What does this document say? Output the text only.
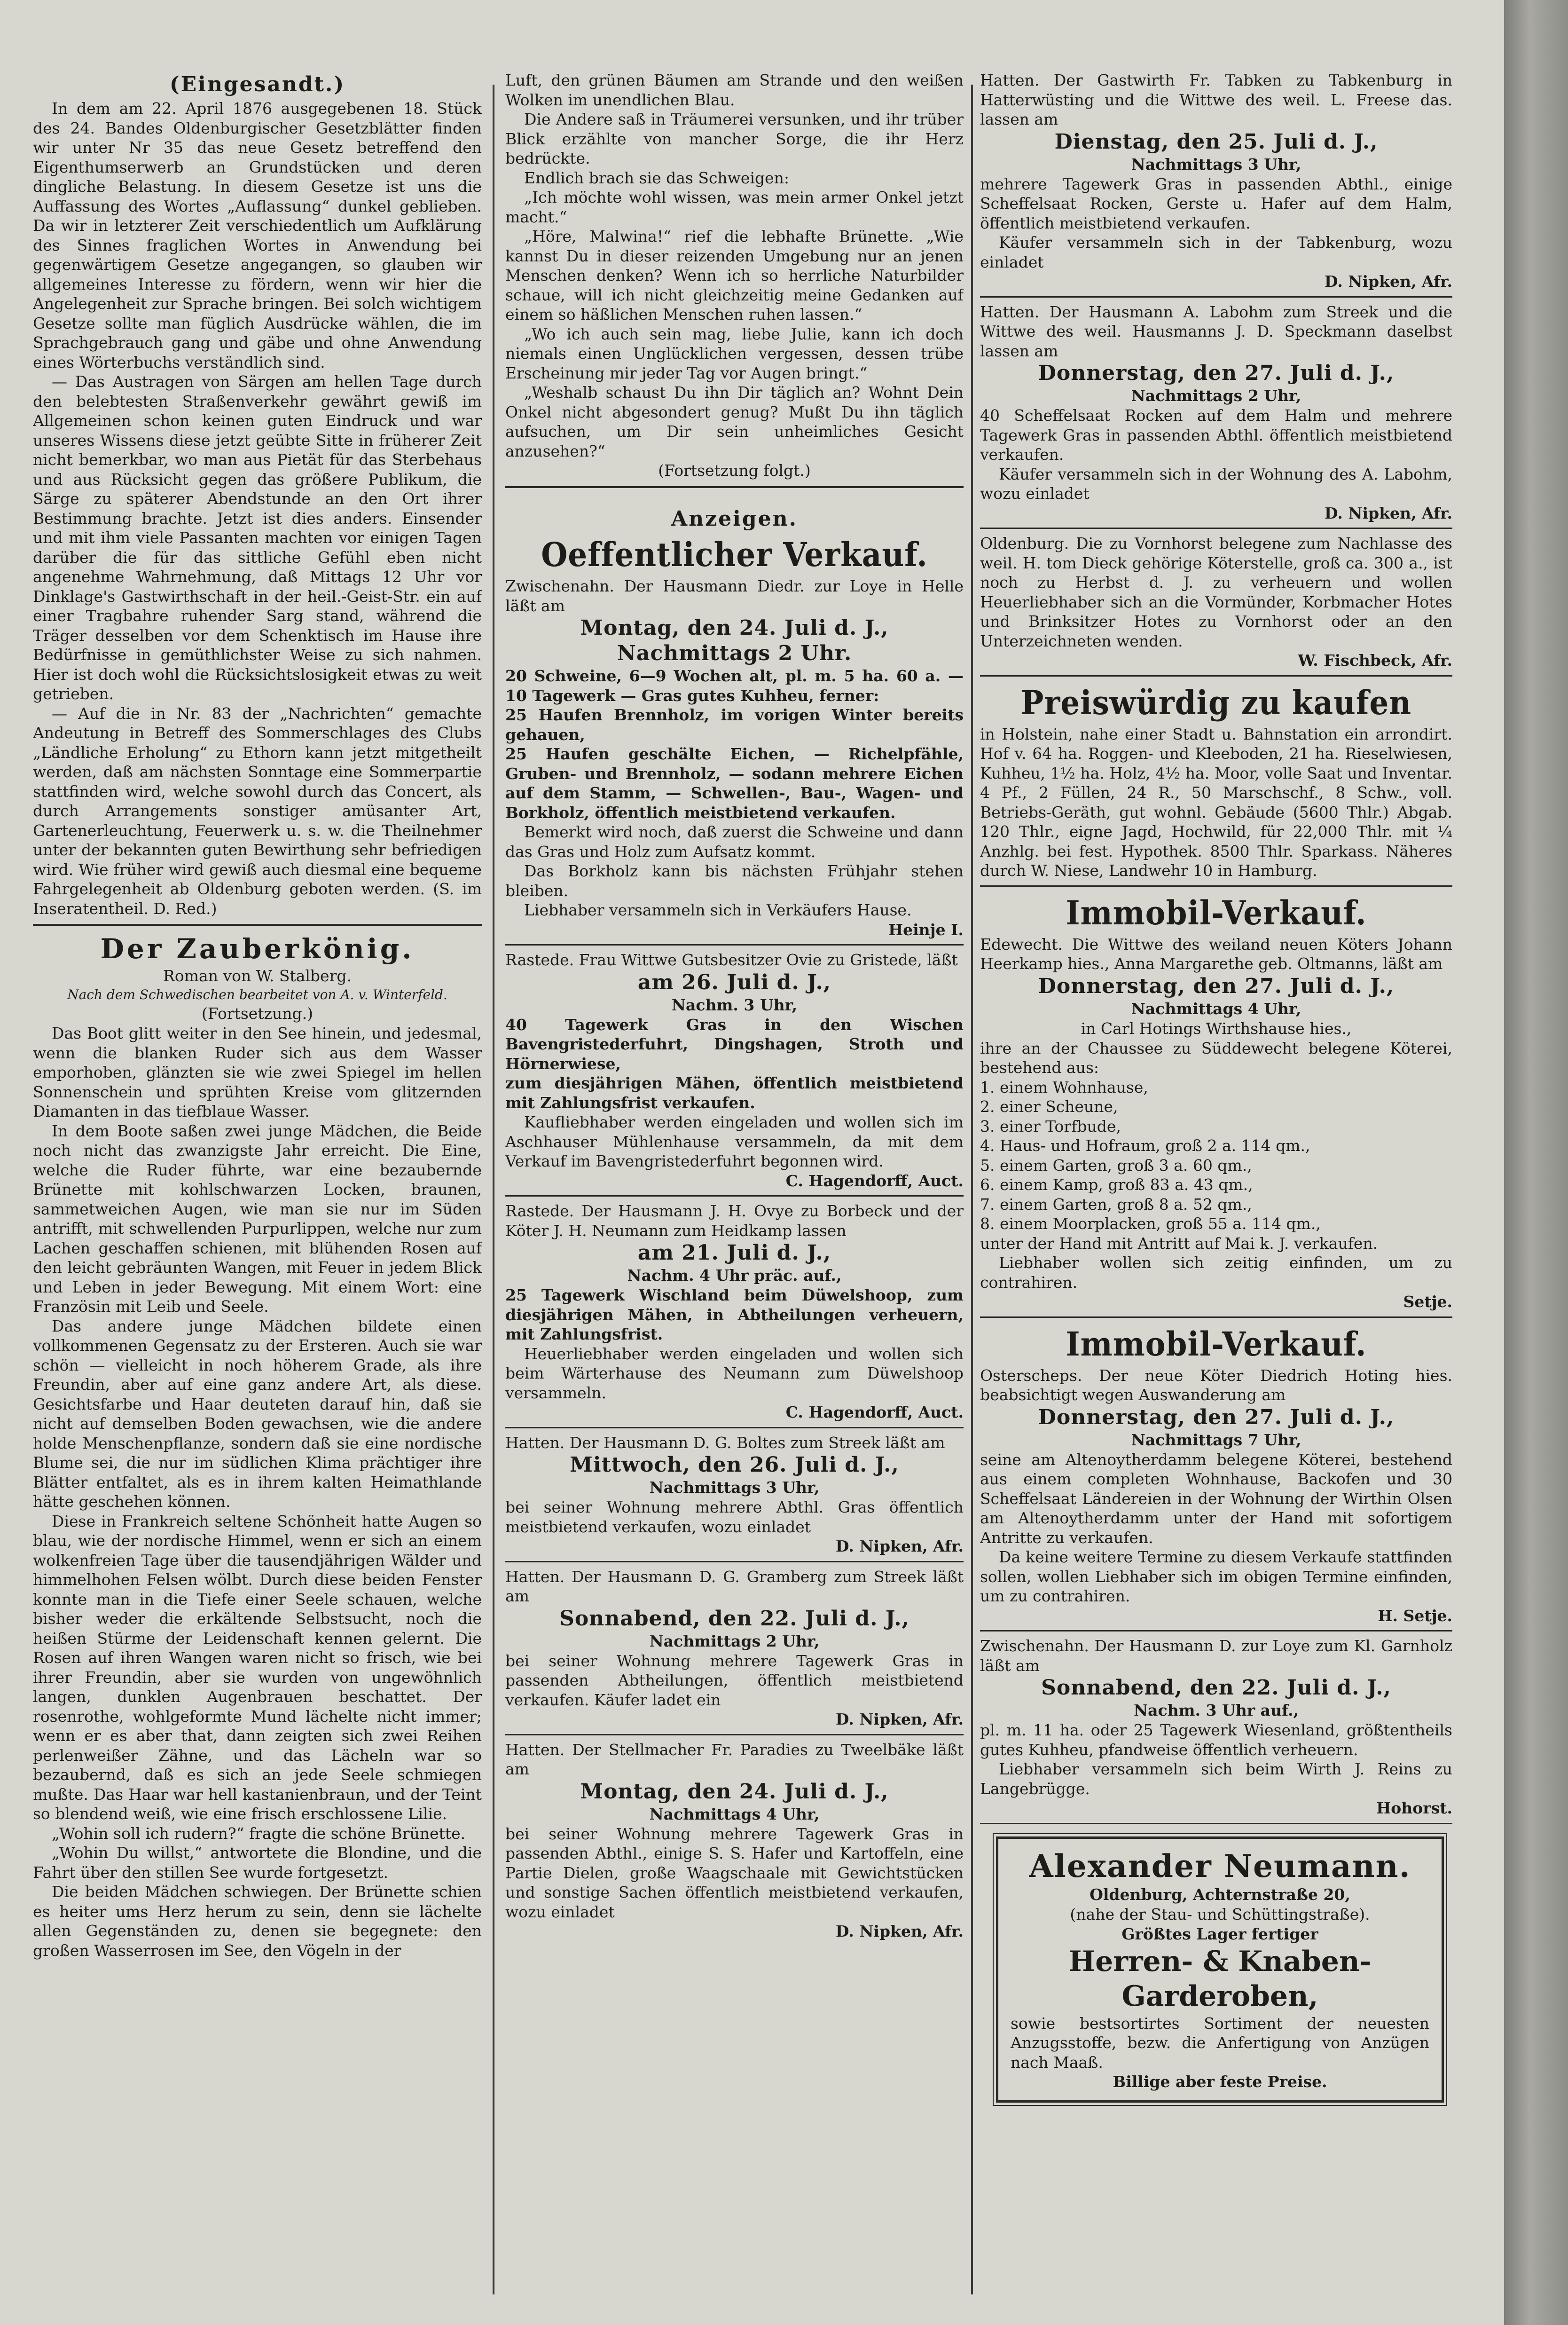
(Eingesandt.)

In dem am 22. April 1876 ausgegebenen 18. Stück des 24. Bandes Oldenburgischer Gesetzblätter finden wir unter Nr 35 das neue Gesetz betreffend den Eigenthumserwerb an Grundstücken und deren dingliche Belastung. In diesem Gesetze ist uns die Auffassung des Wortes „Auflassung“ dunkel geblieben. Da wir in letzterer Zeit verschiedentlich um Aufklärung des Sinnes fraglichen Wortes in Anwendung bei gegenwärtigem Gesetze angegangen, so glauben wir allgemeines Interesse zu fördern, wenn wir hier die Angelegenheit zur Sprache bringen. Bei solch wichtigem Gesetze sollte man füglich Ausdrücke wählen, die im Sprachgebrauch gang und gäbe und ohne Anwendung eines Wörterbuchs verständlich sind.

— Das Austragen von Särgen am hellen Tage durch den belebtesten Straßenverkehr gewährt gewiß im Allgemeinen schon keinen guten Eindruck und war unseres Wissens diese jetzt geübte Sitte in früherer Zeit nicht bemerkbar, wo man aus Pietät für das Sterbehaus und aus Rücksicht gegen das größere Publikum, die Särge zu späterer Abendstunde an den Ort ihrer Bestimmung brachte. Jetzt ist dies anders. Einsender und mit ihm viele Passanten machten vor einigen Tagen darüber die für das sittliche Gefühl eben nicht angenehme Wahrnehmung, daß Mittags 12 Uhr vor Dinklage's Gastwirthschaft in der heil.-Geist-Str. ein auf einer Tragbahre ruhender Sarg stand, während die Träger desselben vor dem Schenktisch im Hause ihre Bedürfnisse in gemüthlichster Weise zu sich nahmen. Hier ist doch wohl die Rücksichtslosigkeit etwas zu weit getrieben.

— Auf die in Nr. 83 der „Nachrichten“ gemachte Andeutung in Betreff des Sommerschlages des Clubs „Ländliche Erholung“ zu Ethorn kann jetzt mitgetheilt werden, daß am nächsten Sonntage eine Sommerpartie stattfinden wird, welche sowohl durch das Concert, als durch Arrangements sonstiger amüsanter Art, Gartenerleuchtung, Feuerwerk u. s. w. die Theilnehmer unter der bekannten guten Bewirthung sehr befriedigen wird. Wie früher wird gewiß auch diesmal eine bequeme Fahrgelegenheit ab Oldenburg geboten werden. (S. im Inseratentheil. D. Red.)

Der Zauberkönig.

Roman von W. Stalberg.

Nach dem Schwedischen bearbeitet von A. v. Winterfeld.

(Fortsetzung.)

Das Boot glitt weiter in den See hinein, und jedesmal, wenn die blanken Ruder sich aus dem Wasser emporhoben, glänzten sie wie zwei Spiegel im hellen Sonnenschein und sprühten Kreise vom glitzernden Diamanten in das tiefblaue Wasser.

In dem Boote saßen zwei junge Mädchen, die Beide noch nicht das zwanzigste Jahr erreicht. Die Eine, welche die Ruder führte, war eine bezaubernde Brünette mit kohlschwarzen Locken, braunen, sammetweichen Augen, wie man sie nur im Süden antrifft, mit schwellenden Purpurlippen, welche nur zum Lachen geschaffen schienen, mit blühenden Rosen auf den leicht gebräunten Wangen, mit Feuer in jedem Blick und Leben in jeder Bewegung. Mit einem Wort: eine Französin mit Leib und Seele.

Das andere junge Mädchen bildete einen vollkommenen Gegensatz zu der Ersteren. Auch sie war schön — vielleicht in noch höherem Grade, als ihre Freundin, aber auf eine ganz andere Art, als diese. Gesichtsfarbe und Haar deuteten darauf hin, daß sie nicht auf demselben Boden gewachsen, wie die andere holde Menschenpflanze, sondern daß sie eine nordische Blume sei, die nur im südlichen Klima prächtiger ihre Blätter entfaltet, als es in ihrem kalten Heimathlande hätte geschehen können.

Diese in Frankreich seltene Schönheit hatte Augen so blau, wie der nordische Himmel, wenn er sich an einem wolkenfreien Tage über die tausendjährigen Wälder und himmelhohen Felsen wölbt. Durch diese beiden Fenster konnte man in die Tiefe einer Seele schauen, welche bisher weder die erkältende Selbstsucht, noch die heißen Stürme der Leidenschaft kennen gelernt. Die Rosen auf ihren Wangen waren nicht so frisch, wie bei ihrer Freundin, aber sie wurden von ungewöhnlich langen, dunklen Augenbrauen beschattet. Der rosenrothe, wohlgeformte Mund lächelte nicht immer; wenn er es aber that, dann zeigten sich zwei Reihen perlenweißer Zähne, und das Lächeln war so bezaubernd, daß es sich an jede Seele schmiegen mußte. Das Haar war hell kastanienbraun, und der Teint so blendend weiß, wie eine frisch erschlossene Lilie.

„Wohin soll ich rudern?“ fragte die schöne Brünette.

„Wohin Du willst,“ antwortete die Blondine, und die Fahrt über den stillen See wurde fortgesetzt.

Die beiden Mädchen schwiegen. Der Brünette schien es heiter ums Herz herum zu sein, denn sie lächelte allen Gegenständen zu, denen sie begegnete: den großen Wasserrosen im See, den Vögeln in der

Luft, den grünen Bäumen am Strande und den weißen Wolken im unendlichen Blau.

Die Andere saß in Träumerei versunken, und ihr trüber Blick erzählte von mancher Sorge, die ihr Herz bedrückte.

Endlich brach sie das Schweigen:

„Ich möchte wohl wissen, was mein armer Onkel jetzt macht.“

„Höre, Malwina!“ rief die lebhafte Brünette. „Wie kannst Du in dieser reizenden Umgebung nur an jenen Menschen denken? Wenn ich so herrliche Naturbilder schaue, will ich nicht gleichzeitig meine Gedanken auf einem so häßlichen Menschen ruhen lassen.“

„Wo ich auch sein mag, liebe Julie, kann ich doch niemals einen Unglücklichen vergessen, dessen trübe Erscheinung mir jeder Tag vor Augen bringt.“

„Weshalb schaust Du ihn Dir täglich an? Wohnt Dein Onkel nicht abgesondert genug? Mußt Du ihn täglich aufsuchen, um Dir sein unheimliches Gesicht anzusehen?“

(Fortsetzung folgt.)

Anzeigen.

Oeffentlicher Verkauf.

Zwischenahn. Der Hausmann Diedr. zur Loye in Helle läßt am

Montag, den 24. Juli d. J.,

Nachmittags 2 Uhr.

20 Schweine, 6—9 Wochen alt, pl. m. 5 ha. 60 a. — 10 Tagewerk — Gras gutes Kuhheu, ferner:

25 Haufen Brennholz, im vorigen Winter bereits gehauen,

25 Haufen geschälte Eichen, — Richelpfähle, Gruben- und Brennholz, — sodann mehrere Eichen auf dem Stamm, — Schwellen-, Bau-, Wagen- und Borkholz, öffentlich meistbietend verkaufen.

Bemerkt wird noch, daß zuerst die Schweine und dann das Gras und Holz zum Aufsatz kommt.

Das Borkholz kann bis nächsten Frühjahr stehen bleiben.

Liebhaber versammeln sich in Verkäufers Hause.

Heinje I.

Rastede. Frau Wittwe Gutsbesitzer Ovie zu Gristede, läßt

am 26. Juli d. J.,

Nachm. 3 Uhr,

40 Tagewerk Gras in den Wischen Bavengristederfuhrt, Dingshagen, Stroth und Hörnerwiese,

zum diesjährigen Mähen, öffentlich meistbietend mit Zahlungsfrist verkaufen.

Kaufliebhaber werden eingeladen und wollen sich im Aschhauser Mühlenhause versammeln, da mit dem Verkauf im Bavengristederfuhrt begonnen wird.

C. Hagendorff, Auct.

Rastede. Der Hausmann J. H. Ovye zu Borbeck und der Köter J. H. Neumann zum Heidkamp lassen

am 21. Juli d. J.,

Nachm. 4 Uhr präc. auf.,

25 Tagewerk Wischland beim Düwelshoop, zum diesjährigen Mähen, in Abtheilungen verheuern, mit Zahlungsfrist.

Heuerliebhaber werden eingeladen und wollen sich beim Wärterhause des Neumann zum Düwelshoop versammeln.

C. Hagendorff, Auct.

Hatten. Der Hausmann D. G. Boltes zum Streek läßt am

Mittwoch, den 26. Juli d. J.,

Nachmittags 3 Uhr,

bei seiner Wohnung mehrere Abthl. Gras öffentlich meistbietend verkaufen, wozu einladet

D. Nipken, Afr.

Hatten. Der Hausmann D. G. Gramberg zum Streek läßt am

Sonnabend, den 22. Juli d. J.,

Nachmittags 2 Uhr,

bei seiner Wohnung mehrere Tagewerk Gras in passenden Abtheilungen, öffentlich meistbietend verkaufen. Käufer ladet ein

D. Nipken, Afr.

Hatten. Der Stellmacher Fr. Paradies zu Tweelbäke läßt am

Montag, den 24. Juli d. J.,

Nachmittags 4 Uhr,

bei seiner Wohnung mehrere Tagewerk Gras in passenden Abthl., einige S. S. Hafer und Kartoffeln, eine Partie Dielen, große Waagschaale mit Gewichtstücken und sonstige Sachen öffentlich meistbietend verkaufen, wozu einladet

D. Nipken, Afr.

Hatten. Der Gastwirth Fr. Tabken zu Tabkenburg in Hatterwüsting und die Wittwe des weil. L. Freese das. lassen am

Dienstag, den 25. Juli d. J.,

Nachmittags 3 Uhr,

mehrere Tagewerk Gras in passenden Abthl., einige Scheffelsaat Rocken, Gerste u. Hafer auf dem Halm, öffentlich meistbietend verkaufen.

Käufer versammeln sich in der Tabkenburg, wozu einladet

D. Nipken, Afr.

Hatten. Der Hausmann A. Labohm zum Streek und die Wittwe des weil. Hausmanns J. D. Speckmann daselbst lassen am

Donnerstag, den 27. Juli d. J.,

Nachmittags 2 Uhr,

40 Scheffelsaat Rocken auf dem Halm und mehrere Tagewerk Gras in passenden Abthl. öffentlich meistbietend verkaufen.

Käufer versammeln sich in der Wohnung des A. Labohm, wozu einladet

D. Nipken, Afr.

Oldenburg. Die zu Vornhorst belegene zum Nachlasse des weil. H. tom Dieck gehörige Köterstelle, groß ca. 300 a., ist noch zu Herbst d. J. zu verheuern und wollen Heuerliebhaber sich an die Vormünder, Korbmacher Hotes und Brinksitzer Hotes zu Vornhorst oder an den Unterzeichneten wenden.

W. Fischbeck, Afr.

Preiswürdig zu kaufen

in Holstein, nahe einer Stadt u. Bahnstation ein arrondirt. Hof v. 64 ha. Roggen- und Kleeboden, 21 ha. Rieselwiesen, Kuhheu, 1½ ha. Holz, 4½ ha. Moor, volle Saat und Inventar. 4 Pf., 2 Füllen, 24 R., 50 Marschschf., 8 Schw., voll. Betriebs-Geräth, gut wohnl. Gebäude (5600 Thlr.) Abgab. 120 Thlr., eigne Jagd, Hochwild, für 22,000 Thlr. mit ¼ Anzhlg. bei fest. Hypothek. 8500 Thlr. Sparkass. Näheres durch W. Niese, Landwehr 10 in Hamburg.

Immobil-Verkauf.

Edewecht. Die Wittwe des weiland neuen Köters Johann Heerkamp hies., Anna Margarethe geb. Oltmanns, läßt am

Donnerstag, den 27. Juli d. J.,

Nachmittags 4 Uhr,

in Carl Hotings Wirthshause hies.,

ihre an der Chaussee zu Süddewecht belegene Köterei, bestehend aus:

1. einem Wohnhause,

2. einer Scheune,

3. einer Torfbude,

4. Haus- und Hofraum, groß 2 a. 114 qm.,

5. einem Garten, groß 3 a. 60 qm.,

6. einem Kamp, groß 83 a. 43 qm.,

7. einem Garten, groß 8 a. 52 qm.,

8. einem Moorplacken, groß 55 a. 114 qm.,

unter der Hand mit Antritt auf Mai k. J. verkaufen.

Liebhaber wollen sich zeitig einfinden, um zu contrahiren.

Setje.

Immobil-Verkauf.

Osterscheps. Der neue Köter Diedrich Hoting hies. beabsichtigt wegen Auswanderung am

Donnerstag, den 27. Juli d. J.,

Nachmittags 7 Uhr,

seine am Altenoytherdamm belegene Köterei, bestehend aus einem completen Wohnhause, Backofen und 30 Scheffelsaat Ländereien in der Wohnung der Wirthin Olsen am Altenoytherdamm unter der Hand mit sofortigem Antritte zu verkaufen.

Da keine weitere Termine zu diesem Verkaufe stattfinden sollen, wollen Liebhaber sich im obigen Termine einfinden, um zu contrahiren.

H. Setje.

Zwischenahn. Der Hausmann D. zur Loye zum Kl. Garnholz läßt am

Sonnabend, den 22. Juli d. J.,

Nachm. 3 Uhr auf.,

pl. m. 11 ha. oder 25 Tagewerk Wiesenland, größtentheils gutes Kuhheu, pfandweise öffentlich verheuern.

Liebhaber versammeln sich beim Wirth J. Reins zu Langebrügge.

Hohorst.

Alexander Neumann.

Oldenburg, Achternstraße 20,

(nahe der Stau- und Schüttingstraße).

Größtes Lager fertiger

Herren- & Knaben-Garderoben,

sowie bestsortirtes Sortiment der neuesten Anzugsstoffe, bezw. die Anfertigung von Anzügen nach Maaß.

Billige aber feste Preise.
